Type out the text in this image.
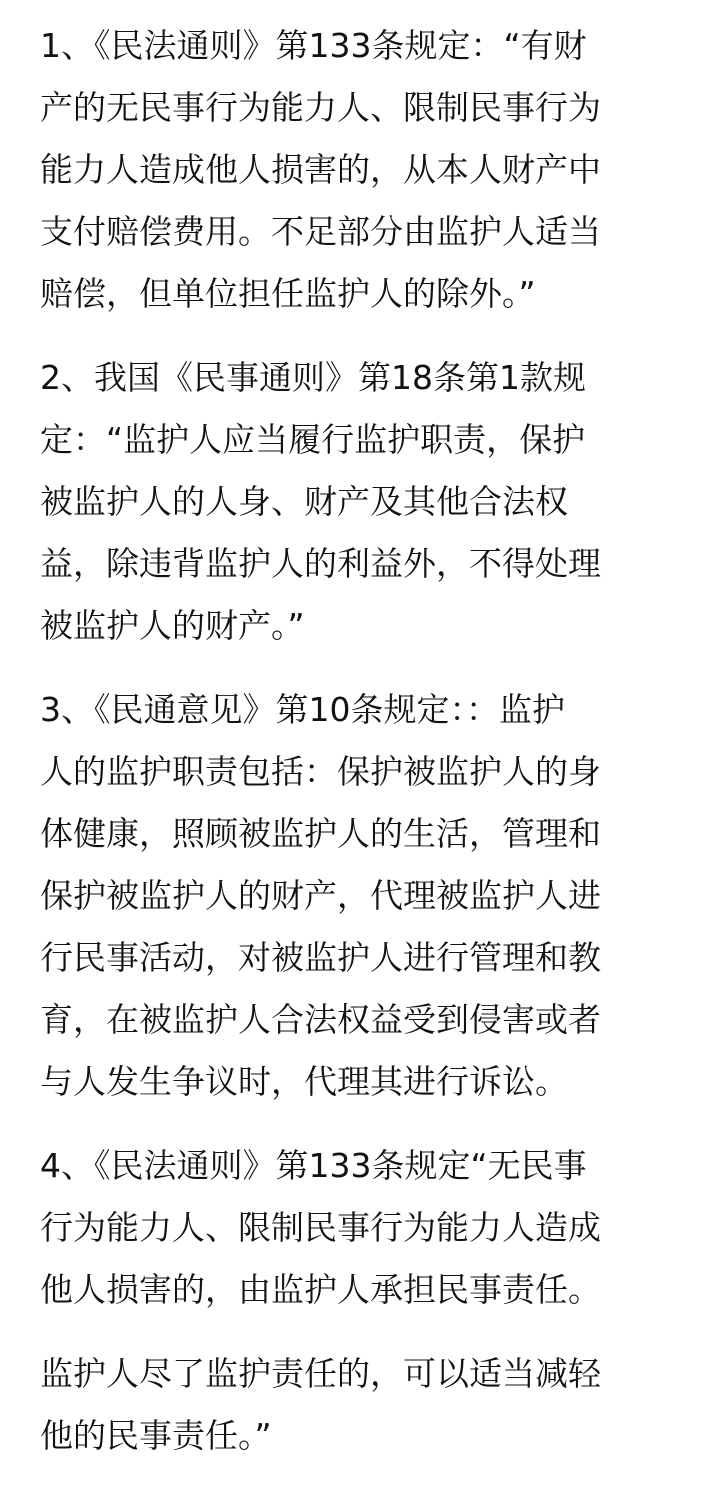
1、《民法通则》第133条规定：“有财
产的无民事行为能力人、限制民事行为
能力人造成他人损害的，从本人财产中
支付赔偿费用。不足部分由监护人适当
赔偿，但单位担任监护人的除外。”

2、我国《民事通则》第18条第1款规
定：“监护人应当履行监护职责，保护
被监护人的人身、财产及其他合法权
益，除违背监护人的利益外，不得处理
被监护人的财产。”

3、《民通意见》第10条规定：：监护
人的监护职责包括：保护被监护人的身
体健康，照顾被监护人的生活，管理和
保护被监护人的财产，代理被监护人进
行民事活动，对被监护人进行管理和教
育，在被监护人合法权益受到侵害或者
与人发生争议时，代理其进行诉讼。

4、《民法通则》第133条规定“无民事
行为能力人、限制民事行为能力人造成
他人损害的，由监护人承担民事责任。

监护人尽了监护责任的，可以适当减轻
他的民事责任。”
